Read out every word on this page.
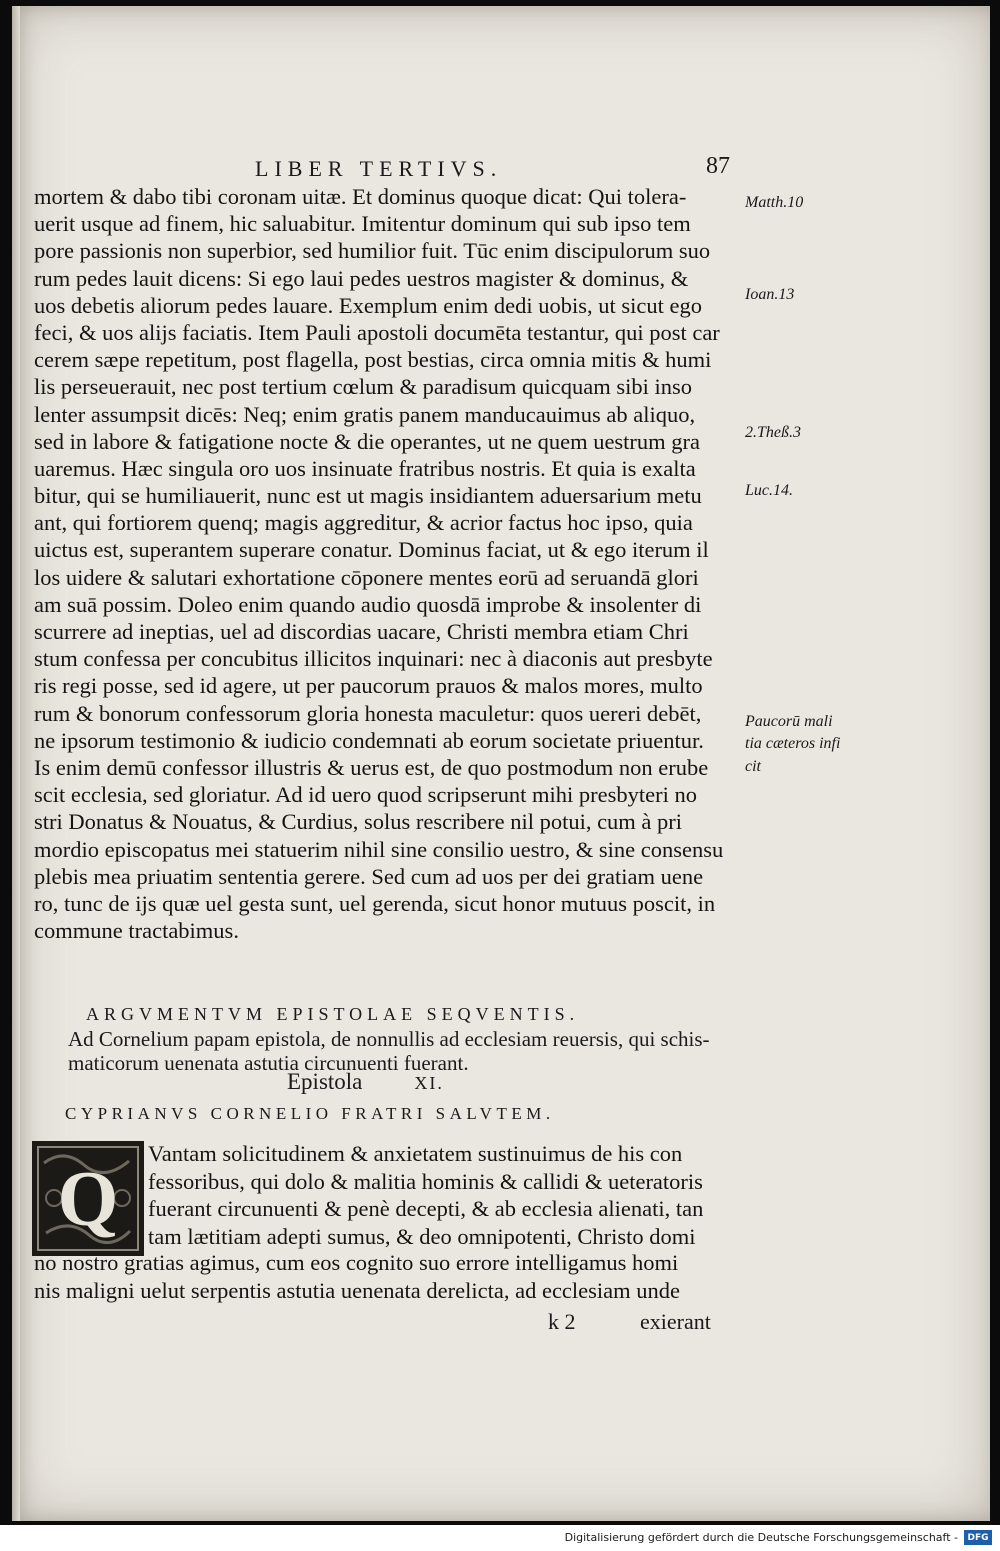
LIBER TERTIVS.	87
mortem & dabo tibi coronam uitæ. Et dominus quoque dicat: Qui tolera-
uerit usque ad finem, hic saluabitur. Imitentur dominum qui sub ipso tem
pore passionis non superbior, sed humilior fuit. Tūc enim discipulorum suo
rum pedes lauit dicens: Si ego laui pedes uestros magister & dominus, &
uos debetis aliorum pedes lauare. Exemplum enim dedi uobis, ut sicut ego
feci, & uos alijs faciatis. Item Pauli apostoli documēta testantur, qui post car
cerem sæpe repetitum, post flagella, post bestias, circa omnia mitis & humi
lis perseuerauit, nec post tertium cœlum & paradisum quicquam sibi inso
lenter assumpsit dicēs: Neq; enim gratis panem manducauimus ab aliquo,
sed in labore & fatigatione nocte & die operantes, ut ne quem uestrum gra
uaremus. Hæc singula oro uos insinuate fratribus nostris. Et quia is exalta
bitur, qui se humiliauerit, nunc est ut magis insidiantem aduersarium metu
ant, qui fortiorem quenq; magis aggreditur, & acrior factus hoc ipso, quia
uictus est, superantem superare conatur. Dominus faciat, ut & ego iterum il
los uidere & salutari exhortatione cōponere mentes eorū ad seruandā glori
am suā possim. Doleo enim quando audio quosdā improbe & insolenter di
scurrere ad ineptias, uel ad discordias uacare, Christi membra etiam Chri
stum confessa per concubitus illicitos inquinari: nec à diaconis aut presbyte
ris regi posse, sed id agere, ut per paucorum prauos & malos mores, multo
rum & bonorum confessorum gloria honesta maculetur: quos uereri debēt,
ne ipsorum testimonio & iudicio condemnati ab eorum societate priuentur.
Is enim demū confessor illustris & uerus est, de quo postmodum non erube
scit ecclesia, sed gloriatur. Ad id uero quod scripserunt mihi presbyteri no
stri Donatus & Nouatus, & Curdius, solus rescribere nil potui, cum à pri
mordio episcopatus mei statuerim nihil sine consilio uestro, & sine consensu
plebis mea priuatim sententia gerere. Sed cum ad uos per dei gratiam uene
ro, tunc de ijs quæ uel gesta sunt, uel gerenda, sicut honor mutuus poscit, in
commune tractabimus.
Matth.10
Ioan.13
2.Theß.3
Luc.14.
Paucorū mali
tia cæteros infi
cit
ARGVMENTVM EPISTOLAE SEQVENTIS.
Ad Cornelium papam epistola, de nonnullis ad ecclesiam reuersis, qui schis-
maticorum uenenata astutia circunuenti fuerant.
Epistola	XI.
CYPRIANVS CORNELIO FRATRI SALVTEM.
Q
Vantam solicitudinem & anxietatem sustinuimus de his con
fessoribus, qui dolo & malitia hominis & callidi & ueteratoris
fuerant circunuenti & penè decepti, & ab ecclesia alienati, tan
tam lætitiam adepti sumus, & deo omnipotenti, Christo domi
no nostro gratias agimus, cum eos cognito suo errore intelligamus homi
nis maligni uelut serpentis astutia uenenata derelicta, ad ecclesiam unde
k 2	exierant
Digitalisierung gefördert durch die Deutsche Forschungsgemeinschaft -	DFG
